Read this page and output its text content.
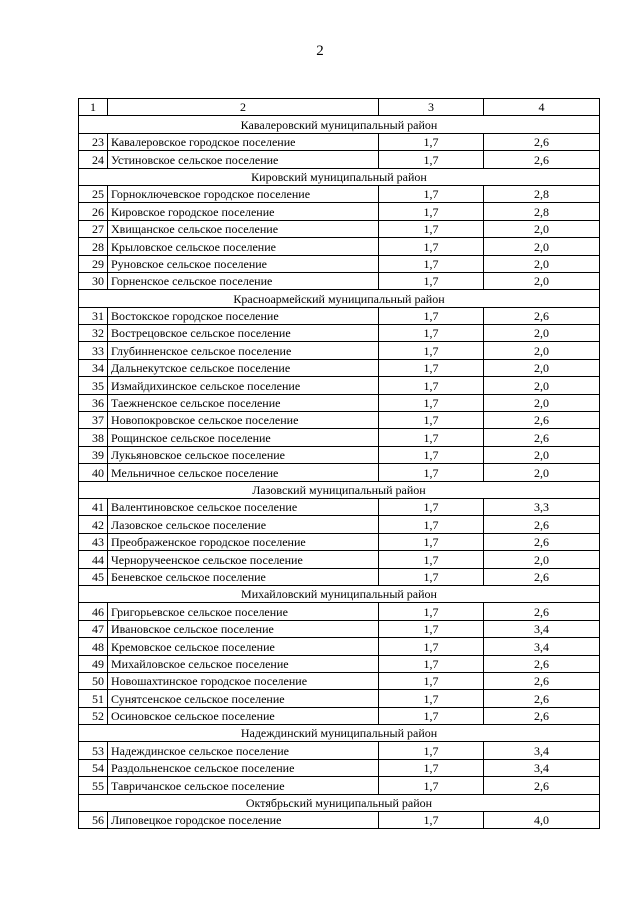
2
1	2	3	4
Кавалеровский муниципальный район			
23	Кавалеровское городское поселение	1,7	2,6
24	Устиновское сельское поселение	1,7	2,6
Кировский муниципальный район			
25	Горноключевское городское поселение	1,7	2,8
26	Кировское городское поселение	1,7	2,8
27	Хвищанское сельское поселение	1,7	2,0
28	Крыловское сельское поселение	1,7	2,0
29	Руновское сельское поселение	1,7	2,0
30	Горненское сельское поселение	1,7	2,0
Красноармейский муниципальный район			
31	Востокское городское поселение	1,7	2,6
32	Вострецовское сельское поселение	1,7	2,0
33	Глубинненское сельское поселение	1,7	2,0
34	Дальнекутское сельское поселение	1,7	2,0
35	Измайдихинское сельское поселение	1,7	2,0
36	Таежненское сельское поселение	1,7	2,0
37	Новопокровское сельское поселение	1,7	2,6
38	Рощинское сельское поселение	1,7	2,6
39	Лукьяновское сельское поселение	1,7	2,0
40	Мельничное сельское поселение	1,7	2,0
Лазовский муниципальный район			
41	Валентиновское сельское поселение	1,7	3,3
42	Лазовское сельское поселение	1,7	2,6
43	Преображенское городское поселение	1,7	2,6
44	Черноручеенское сельское поселение	1,7	2,0
45	Беневское сельское поселение	1,7	2,6
Михайловский муниципальный район			
46	Григорьевское сельское поселение	1,7	2,6
47	Ивановское сельское поселение	1,7	3,4
48	Кремовское сельское поселение	1,7	3,4
49	Михайловское сельское поселение	1,7	2,6
50	Новошахтинское городское поселение	1,7	2,6
51	Сунятсенское сельское поселение	1,7	2,6
52	Осиновское сельское поселение	1,7	2,6
Надеждинский муниципальный район			
53	Надеждинское сельское поселение	1,7	3,4
54	Раздольненское сельское поселение	1,7	3,4
55	Тавричанское сельское поселение	1,7	2,6
Октябрьский муниципальный район			
56	Липовецкое городское поселение	1,7	4,0
